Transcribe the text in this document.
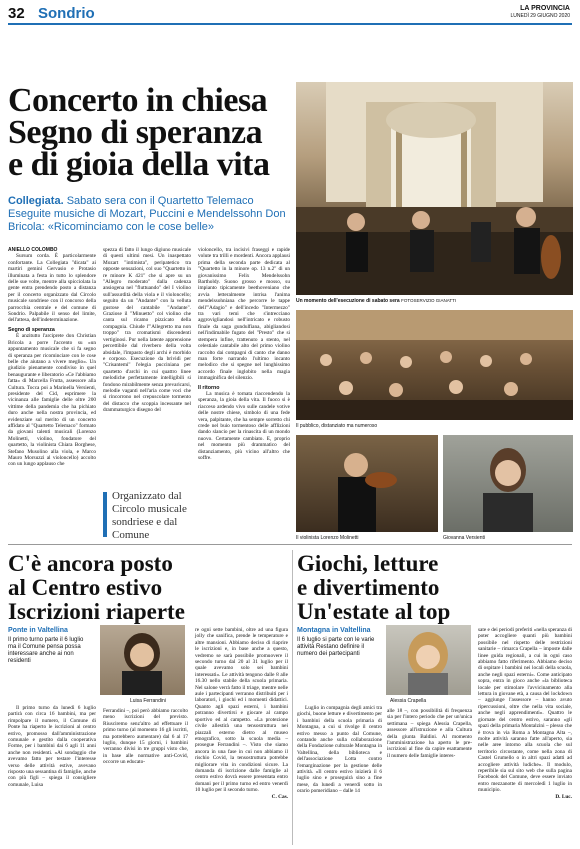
32 Sondrio	LA PROVINCIA
LUNEDÌ 29 GIUGNO 2020
Concerto in chiesa
Segno di speranza
e di gioia della vita
Collegiata. Sabato sera con il Quartetto Telemaco Eseguite musiche di Mozart, Puccini e Mendelssohn Don Bricola: «Ricominciamo con le cose belle»
Un momento dell'esecuzione di sabato sera FOTOSERVIZIO GIANATTI
ANIELLO COLOMBO

Sursum corda. È particolarmente confortante. La Collegiata "dicata" ai martiri gemini Gervasio e Protasio illuminata a festa in tutto lo splendore delle sue volte, mentre alla spicciolata la gente entra prendendo posto a distanza per il concerto organizzato dal Circolo musicale sondriese con il concorso della parrocchia centrale e del comune di Sondrio. Palpabile il senso del limite, dell'attesa, dell'indeterminazione.

Segno di speranza

È anzitutto l'arciprete don Christian Bricola a porre l'accento su «un appuntamento musicale che si fa segno di speranza per ricominciare con le cose belle che aiutano a vivere meglio». Un giudizio pienamente condiviso in quel benaugurante e liberatorio «Ce l'abbiamo fatta» di Marcella Frutta, assessore alla Cultura. Tocca poi a Marinella Versienti, presidente del Cid, esprimere la vicinanza alle famiglie delle oltre 200 vittime della pandemia che ha pichiato duro anche nella nostra provincia, ed evidenziare sul merito di un concerto affidato al "Quartetto Telemaco" formato da giovani talenti musicali (Lorenzo Molinetti, violino, fondatore del quartetto, la violinista Chiara Borghese, Stefano Musolino alla viola, e Marco Mauro Morsuzzi al violoncello) accolto con un lungo applauso che

spezza di fatto il lungo digiuno musicale di questi ultimi mesi. Un inaspettato Mozart "intimista", peripatetico tra opposte sensazioni, col suo "Quartetto in re minore K 421" che si apre su un "Allegro moderato" dalla cadenza ansiogena nel "fluttuando" del I violino sull'assurdità della viola e il violoncello; seguito da un "Andante" con la velluta gustose del cantabile "Andante". Graziose il "Minuetto" col violino che canta sul ricamo pizzicato della compagnia. Chiude l'"Allegretto ma non troppo" tra cromatismi discendenti vertiginosi. Pur nella latente apprensione percettibile dal riverbero della volta absidale, l'impasto degli archi è morbido e corposo. Esecuzione da brividi per "Crisantemi" l'elegia pucciniana per quartetto d'archi in cui quattro linee melodiche perfettamente intelligibili si fondono mirabilmente senza prevaricarsi, melodie vaganti nell'aria come voci che si rincorrono nel crepuscolare tormento del distacco che scoppia incessante nel drammaturgico disegno del

violoncello, tra incisivi fraseggi e rapide volute tra trilli e mordenti. Ancora applausi prima della seconda parte dedicata al "Quartetto in la minore op. 13 n.2" di un giovanissimo Felix Mendelssohn Bartholdy. Suono grosso e mosso, su impianto tipicamente beethoveniano che avvia letteralmente intrisa l'anima mendelssohniana che percorre le tappe dell'"Adagio" e dell'incedo "Intermezzo" tra vari temi che s'intrecciano aggrovigliandosi nell'intricato e robusto finale da saga gundulfiana, abigliandosi nell'indimabile fugato del "Presto" che si stempera infine, trattenuto a stento, nel celestiale cantabile alto del primo violino raccolto dai compagni di canto che danno man forte narrando l'ultimo incanto melodico che si spegne nel lunghissimo accordo finale inglobito nella magia immaginifica del silenzio.

Il ritorno

La musica è tornata riaccendendo la speranza, la gioia della vita. Il fuoco si è riacceso ardendo vivo sulle candele votive delle nostre chiese, simbolo di una fede vera, palpitante, che ha sempre sorretto chi crede nel buio tormentoso delle afflizioni dando slancio per la rinascita di un mondo nuovo. Certamente cambiato. E, proprio nel momento più drammatico del distanziamento, più vicino all'altro che soffre.

Organizzato dal Circolo musicale sondriese e dal Comune
Il pubblico, distanziato ma numeroso
Il violinista Lorenzo Molinetti	Giovanna Versienti
C'è ancora posto
al Centro estivo
Iscrizioni riaperte
Ponte in Valtellina
Il primo turno parte il 6 luglio ma il Comune pensa possa interessare anche ai non residenti
Luisa Ferrandini

Il primo turno da lunedì 6 luglio partirà con circa 16 bambini, ma per rimpolpare il numero, il Comune di Ponte ha riaperto le iscrizioni al centro estivo, promosso dall'amministrazione comunale e gestito dalla cooperativa Forme, per i bambini dai 6 agli 11 anni anche non residenti. «Al sondaggio che avevamo fatto per testare l'interesse verso delle attività estive, avevano risposto una sessantina di famiglie, anche con più figli – spiega il consigliere comunale, Luisa

Ferrandini –, poi però abbiamo raccolto meno iscrizioni del previsto. Riusciremo senz'altro ad effettuare il primo turno (al momento 16 gli iscritti, ma potrebbero aumentare) dal 6 al 17 luglio, dunque 15 giorni, i bambini verranno divisi in tre gruppi visto che, in base alle normative anti-Covid, occorre un educato-

re ogni sette bambini, oltre ad una figura jolly che sanifica, prende le temperature e altre mansioni. Abbiamo deciso di riaprire le iscrizioni e, in base anche a questo, vedremo se sarà possibile promuovere il secondo turno dal 20 al 31 luglio per il quale avevamo solo sei bambini interessati». Le attività tengono dalle 8 alle 16.30 nello stabile della scuola primaria. Nel salone verrà fatto il triage, mentre nelle aule i partecipanti verranno distribuiti per i laboratori, i giochi ed i momenti didattici. Quanto agli spazi esterni, i bambini potranno divertirsi e giocare al campo sportivo ed al campetto. «La protezione civile allestirà una tensostruttura nei piazzali esterno dietro al museo etnografico, sotto la scuola media – prosegue Ferrandini –. Visto che siamo ancora in una fase in cui non abbiamo il rischio Covid, la tensostruttura potrebbe migliorare vita in condizioni sicure. La domanda di iscrizione dalle famiglie al centro estivo dovrà essere presentata entro domani per il primo turno ed entro venerdì 10 luglio per il secondo turno.

C. Cas.

Giochi, letture
e divertimento
Un'estate al top
Montagna in Valtellina
Il 6 luglio si parte con le varie attività Restano definire il numero dei partecipanti
Alessia Crapella

Luglio in compagnia degli amici tra giochi, buone letture e divertimento per i bambini della scuola primaria di Montagna, a cui si rivolge il centro estivo messo a punto dal Comune, contando anche sulla collaborazione della Fondazione culturale Montagna in Valtellina, della biblioteca e dell'associazione Lotta contro l'emarginazione per la gestione delle attività. «Il centro estivo inizierà il 6 luglio sino e proseguirà sino a fine mese, da lunedì a venerdì sotto in orario pomeridiano – dalle 14

alle 18 –, con possibilità di frequenza sia per l'intero periodo che per un'unica settimana – spiega Alessia Crapella, assessore all'istruzione e alla Cultura della giunta Baldini. Al momento l'amministrazione ha aperto le pre-iscrizioni al fine da capire esattamente il numero delle famiglie interes-

sate e dei periodi preferiti «nella speranza di poter accogliere quanti più bambini possibile nel rispetto delle restrizioni sanitarie – rimarca Crapella – imposte dalle linee guida regionali, a cui in ogni caso abbiamo fatto riferimento. Abbiamo deciso di ospitare i bambini nei locali della scuola, anche negli spazi esterni». Come anticipato sopra, entra in gioco anche «la biblioteca locale per stimolare l'avvicinamento alla lettura in giovane età, a causa del lockdown – aggiunge l'assessore – hanno avuto ripercussioni, oltre che nella vita sociale, anche negli apprendimenti». Quattro le giornate del centro estivo, saranno «gli spazi della primaria Montalzini – plesso che è trova in via Roma a Montagna Alta –, molte attività saranno fatte all'aperto, sia nelle aree intorno alla scuola che sul territorio circostante, come nella zona di Castel Grumello o in altri spazi adatti ad accogliere attività ludiche». Il modulo, reperibile sia sul sito web che sulla pagina Facebook del Comune, deve essere inviato entro mezzanotte di mercoledì 1 luglio in municipio.

D. Luc.
